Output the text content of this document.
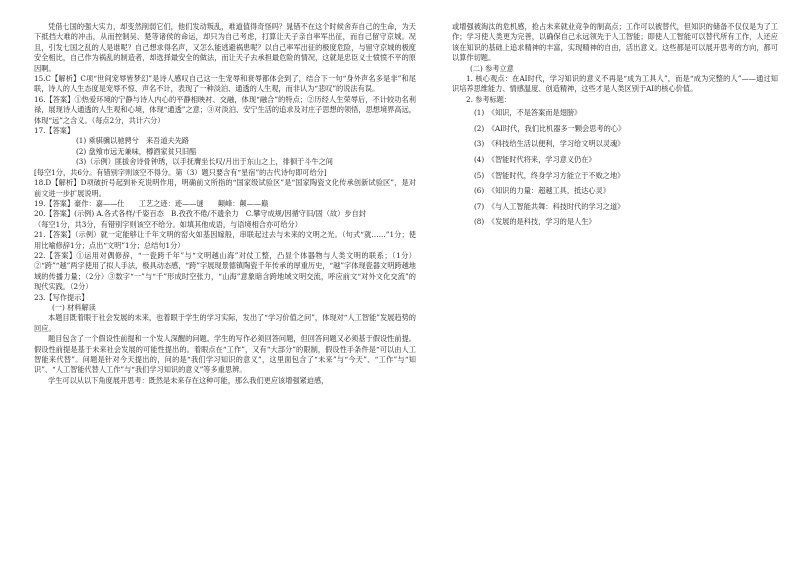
凭借七国的强大实力，却变然削弱它们，他们发动叛乱，难道值得奇怪吗？晁错不在这个时候舍弃自己的生命，为天下抵挡大难的冲击，从而控制吴、楚等诸侯的命运，却只为自己考虑，打算让天子亲自率军出征，而自己留守京城。况且，引发七国之乱的人是谁呢？自己想求得名声，又怎么能逃避祸患呢？以自己率军出征的极度危险，与留守京城的极度安全相比，自己作为祸乱的制造者，却选择最安全的做法，而让天子去承担最危险的情况，这就是忠臣义士愤愤不平的原因啊。

15.C【解析】C项“世间宠辱皆梦幻”是诗人感叹自己这一生宠辱和衰辱都体会到了，结合下一句“身外声名多是非”和尾联，诗人的人生态度是宠辱不惊、声名不计，表现了一种淡泊、通透的人生观，而非认为“悲叹”的说法有误。

16.【答案】①热爱环境的宁静与诗人内心的平静相映衬、交融，体现“融合”的特点；②历经人生荣辱后，不计较功名利禄，展现诗人通透的人生观和心境，体现“通透”之意；③对淡泊、安宁生活的追求及对庄子思想的领悟，思想境界高远，体现“远”之含义。（每点2分，共计六分）

17.【答案】

(1) 乘骐骥以驰骋兮　来吾道夫先路

(2) 盘飧市远无兼味，樽酒家贫只旧醅

(3)（示例）匪拔舍诗骨钟琇，以手抚膺坐长叹/月出于东山之上，徘徊于斗牛之间

[每空1分，共6分。有错别字则该空不得分。第（3）题只要含有“星宿”的古代诗句即可给分]

18.D【解析】D项破折号起到补充说明作用，明确前文所指的“国家级试验区”是“国家陶瓷文化传承创新试验区”，是对前文进一步扩展说明。

19.【答案】豪作：嘉——仕　　工艺之迹：迹——谜　　颠峰：颠——巅

20.【答案】(示例) A.各式各样/千姿百态　B.孜孜不倦/不遗余力　C.攀守成规/因循守旧/固（故）步自封

（每空1分，共3分，有错别字则该空不给分。如填其他成语，与语境相合亦可给分）

21.【答案】（示例）就一定能够让千年文明的窑火如基因嫁般，串联起过去与未来的文明之光。（句式“就……”1分；使用比喻修辞1分；点出“文明”1分；总结句1分）

22.【答案】①运用对偶修辞，“一瓷跨千年”与“文明越山海”对仗工整，凸显个体器物与人类文明的联系；（1分）②“跨”“越”两字使用了拟人手法，极具动态感，“跨”字展现景德镇陶瓷千年传承的厚重历史，“越”字体现瓷器文明跨越地域的传播力量；（2分）③数字“一”与“千”形成时空张力，“山海”意象暗含跨地域文明交流，呼应前文“对外文化交流”的现代实践。（2分）

23.【写作提示】

(一) 材料解读

本题目既着眼于社会发展的未来，也着眼于学生的学习实际，发出了“学习价值之问”，体现对“人工智能”发展趋势的回应。

题目包含了一个假设性前提和一个发人深醒的问题。学生的写作必须回答问题，但回答问题又必须基于假设性前提。假设性前提是基于未来社会发展的可能性提出的。着眼点在“工作”，又有“大部分”的限制，假设性手条件是“可以由人工智能来代替”。问题是针对今天提出的，问的是“我们学习知识的意义”，这里面包含了“未来”与“今天”、“工作”与“知识”、“人工智能代替人工作”与“我们学习知识的意义”等多重思辨。

学生可以从以下角度展开思考：既然是未来存在这种可能，那么我们更应该增强紧迫感，

或增强被淘汰的危机感，抢占未来就业竞争的制高点；工作可以被替代，但知识的储备不仅仅是为了工作；学习使人类更为完善，以确保自己永远领先于人工智能；即使人工智能可以替代所有工作，人还应该在知识的基础上追求精神的丰富，实现精神的自由，活出意义。这些都是可以展开思考的方向，都可以算作切题。

(二) 参考立意

1. 核心观点：在AI时代，学习知识的意义不再是“成为工具人”，而是“成为完整的人”——通过知识培养思维能力、情感温度、创造精神，这些才是人类区别于AI的核心价值。

2. 参考标题：

(1)　《知识，不是答案而是翅膀》

(2)　《AI时代，我们比机器多一颗会思考的心》

(3)　《科技给生活以便利，学习给文明以灵魂》

(4)　《智能时代将来，学习意义仍在》

(5)　《智能时代，终身学习方能立于不败之地》

(6)　《知识的力量：超越工具，抵达心灵》

(7)　《与人工智能共舞：科技时代的学习之道》

(8)　《发展的是科技，学习的是人生》
